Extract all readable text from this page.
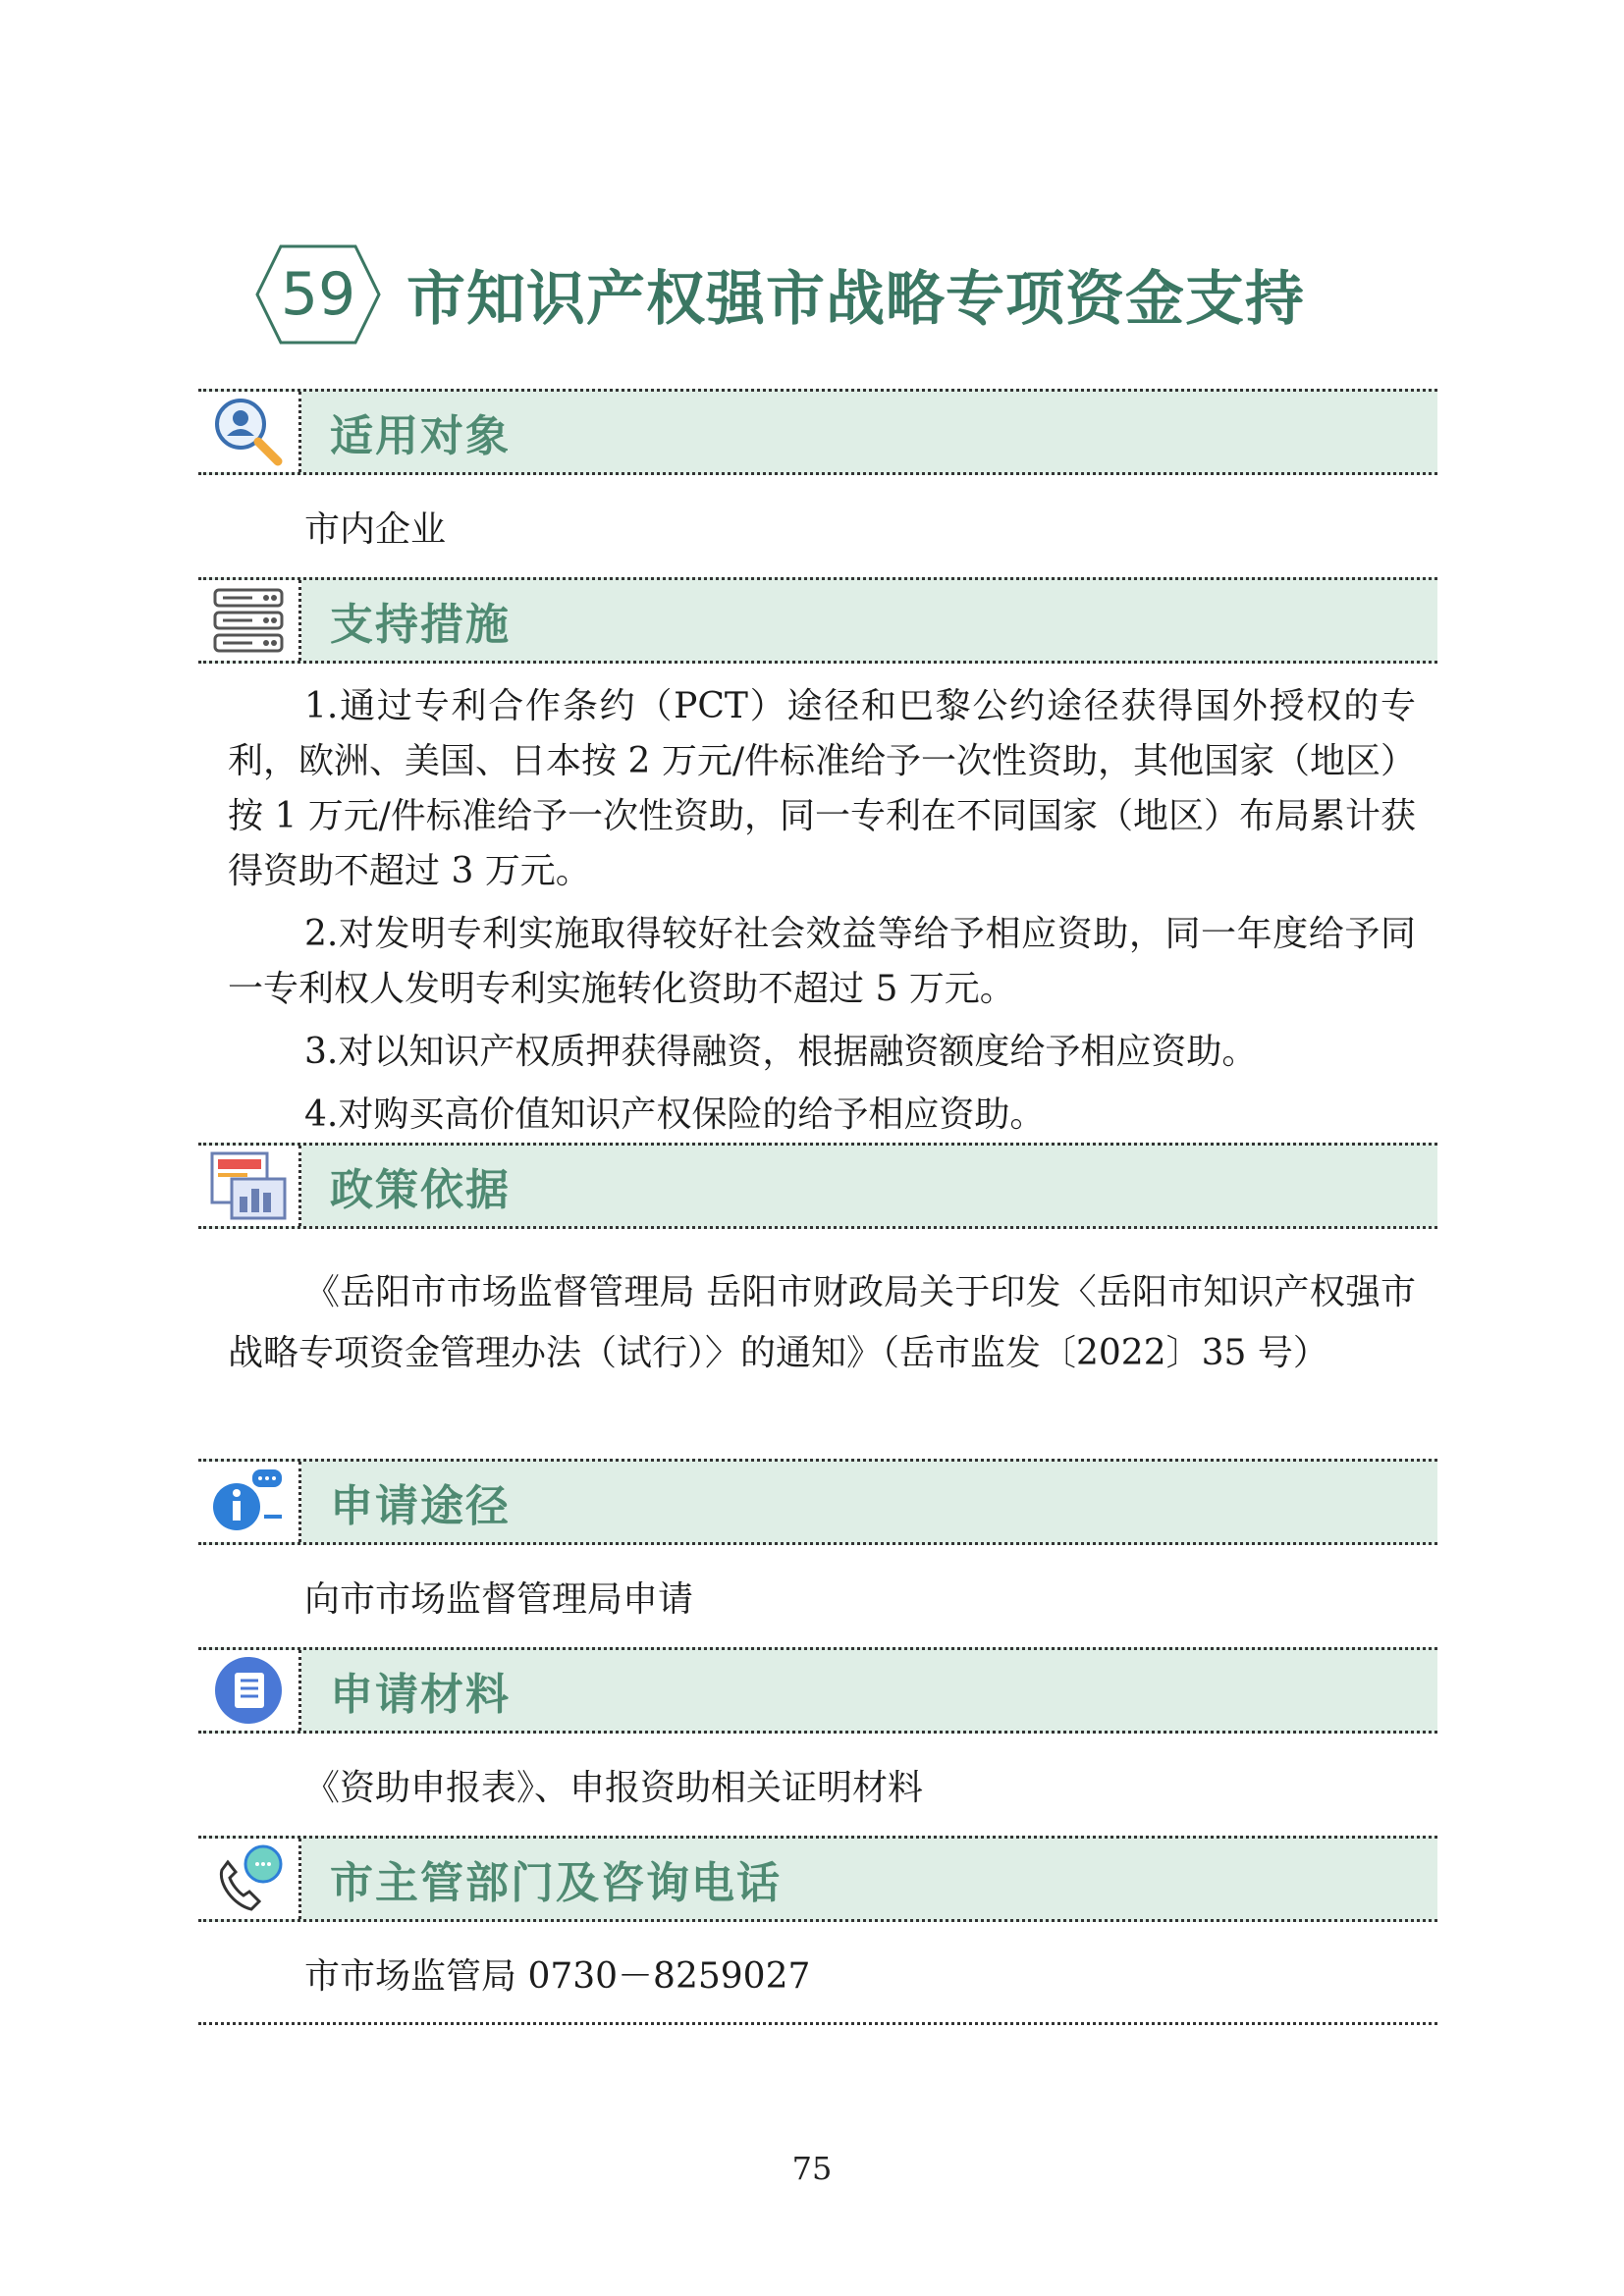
59 市知识产权强市战略专项资金支持
适用对象

市内企业

支持措施

1.通过专利合作条约（PCT）途径和巴黎公约途径获得国外授权的专利，欧洲、美国、日本按 2 万元/件标准给予一次性资助，其他国家（地区）按 1 万元/件标准给予一次性资助，同一专利在不同国家（地区）布局累计获得资助不超过 3 万元。

2.对发明专利实施取得较好社会效益等给予相应资助，同一年度给予同一专利权人发明专利实施转化资助不超过 5 万元。

3.对以知识产权质押获得融资，根据融资额度给予相应资助。

4.对购买高价值知识产权保险的给予相应资助。

政策依据

《岳阳市市场监督管理局 岳阳市财政局关于印发〈岳阳市知识产权强市战略专项资金管理办法（试行）〉的通知》（岳市监发〔2022〕35 号）

申请途径

向市市场监督管理局申请

申请材料

《资助申报表》、申报资助相关证明材料

市主管部门及咨询电话

市市场监管局 0730－8259027

75
